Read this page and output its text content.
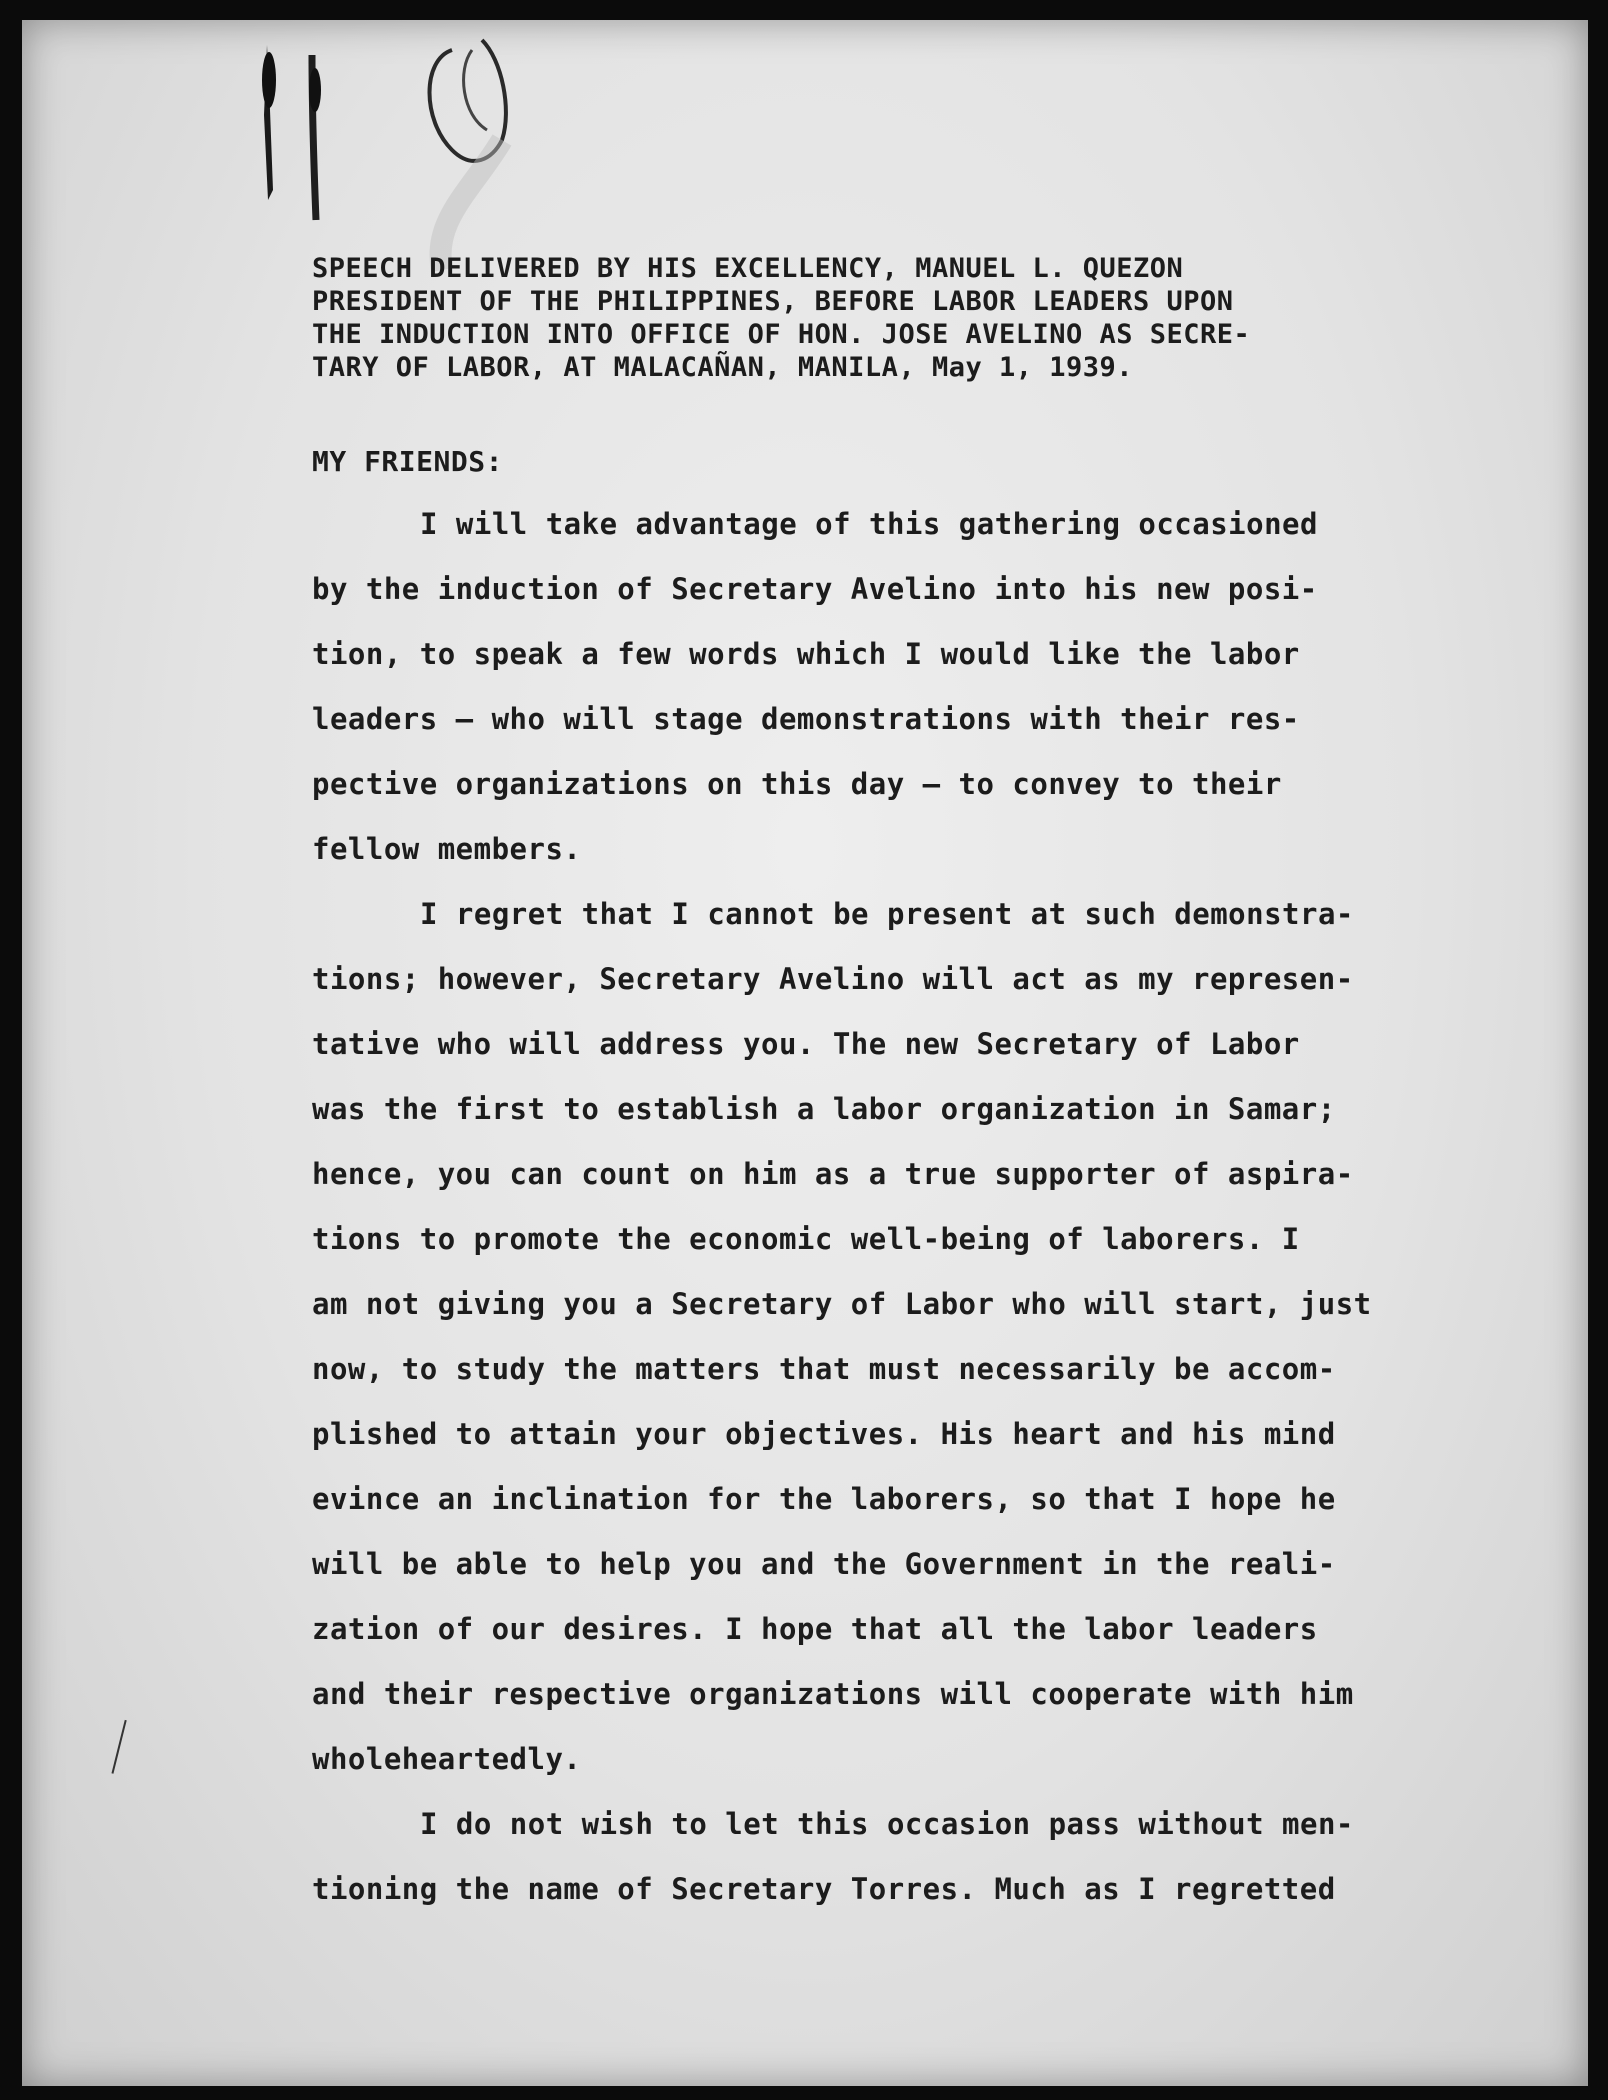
SPEECH DELIVERED BY HIS EXCELLENCY, MANUEL L. QUEZON
PRESIDENT OF THE PHILIPPINES, BEFORE LABOR LEADERS UPON
THE INDUCTION INTO OFFICE OF HON. JOSE AVELINO AS SECRE-
TARY OF LABOR, AT MALACAÑAN, MANILA, May 1, 1939.

MY FRIENDS:

I will take advantage of this gathering occasioned
by the induction of Secretary Avelino into his new posi-
tion, to speak a few words which I would like the labor
leaders — who will stage demonstrations with their res-
pective organizations on this day — to convey to their
fellow members.
I regret that I cannot be present at such demonstra-
tions; however, Secretary Avelino will act as my represen-
tative who will address you. The new Secretary of Labor
was the first to establish a labor organization in Samar;
hence, you can count on him as a true supporter of aspira-
tions to promote the economic well-being of laborers. I
am not giving you a Secretary of Labor who will start, just
now, to study the matters that must necessarily be accom-
plished to attain your objectives. His heart and his mind
evince an inclination for the laborers, so that I hope he
will be able to help you and the Government in the reali-
zation of our desires. I hope that all the labor leaders
and their respective organizations will cooperate with him
wholeheartedly.
I do not wish to let this occasion pass without men-
tioning the name of Secretary Torres. Much as I regretted
